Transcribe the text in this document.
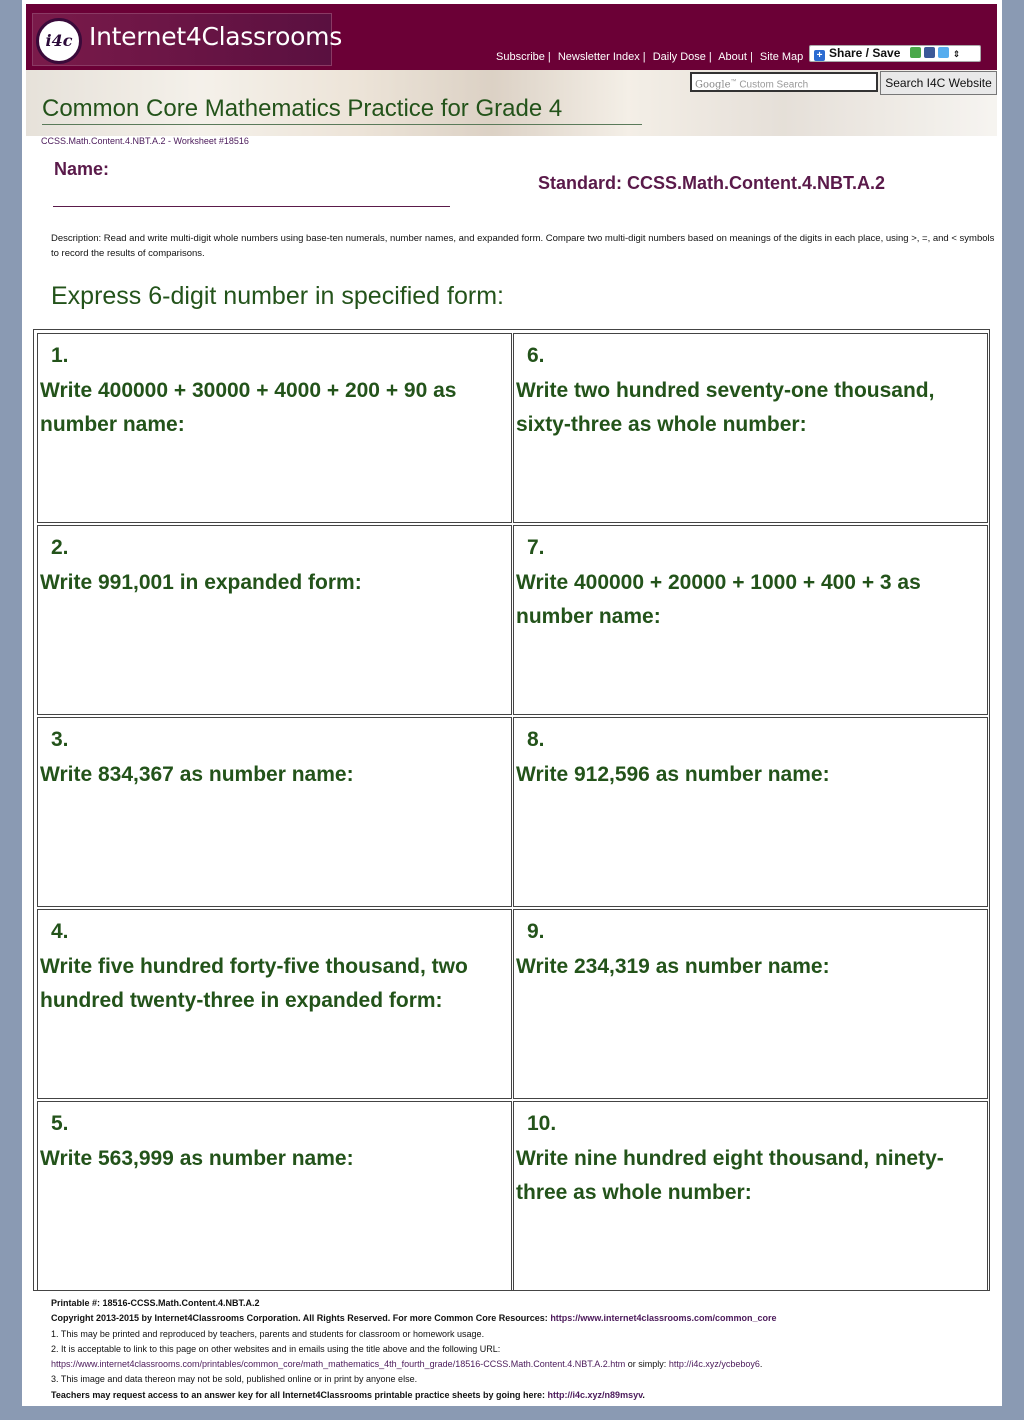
i4c Internet4Classrooms
Subscribe | Newsletter Index | Daily Dose | About | Site Map	+ Share / Save	⇕
Google™ Custom Search	Search I4C Website
Common Core Mathematics Practice for Grade 4
CCSS.Math.Content.4.NBT.A.2 - Worksheet #18516
Name:
Standard: CCSS.Math.Content.4.NBT.A.2
Description: Read and write multi-digit whole numbers using base-ten numerals, number names, and expanded form. Compare two multi-digit numbers based on meanings of the digits in each place, using >, =, and < symbols to record the results of comparisons.
Express 6-digit number in specified form:
1.
Write 400000 + 30000 + 4000 + 200 + 90 as number name:
2.
Write 991,001 in expanded form:
3.
Write 834,367 as number name:
4.
Write five hundred forty-five thousand, two hundred twenty-three in expanded form:
5.
Write 563,999 as number name:
6.
Write two hundred seventy-one thousand, sixty-three as whole number:
7.
Write 400000 + 20000 + 1000 + 400 + 3 as number name:
8.
Write 912,596 as number name:
9.
Write 234,319 as number name:
10.
Write nine hundred eight thousand, ninety-three as whole number:
Printable #: 18516-CCSS.Math.Content.4.NBT.A.2
Copyright 2013-2015 by Internet4Classrooms Corporation. All Rights Reserved. For more Common Core Resources: https://www.internet4classrooms.com/common_core
1. This may be printed and reproduced by teachers, parents and students for classroom or homework usage.
2. It is acceptable to link to this page on other websites and in emails using the title above and the following URL:
https://www.internet4classrooms.com/printables/common_core/math_mathematics_4th_fourth_grade/18516-CCSS.Math.Content.4.NBT.A.2.htm or simply: http://i4c.xyz/ycbeboy6.
3. This image and data thereon may not be sold, published online or in print by anyone else.
Teachers may request access to an answer key for all Internet4Classrooms printable practice sheets by going here: http://i4c.xyz/n89msyv.
